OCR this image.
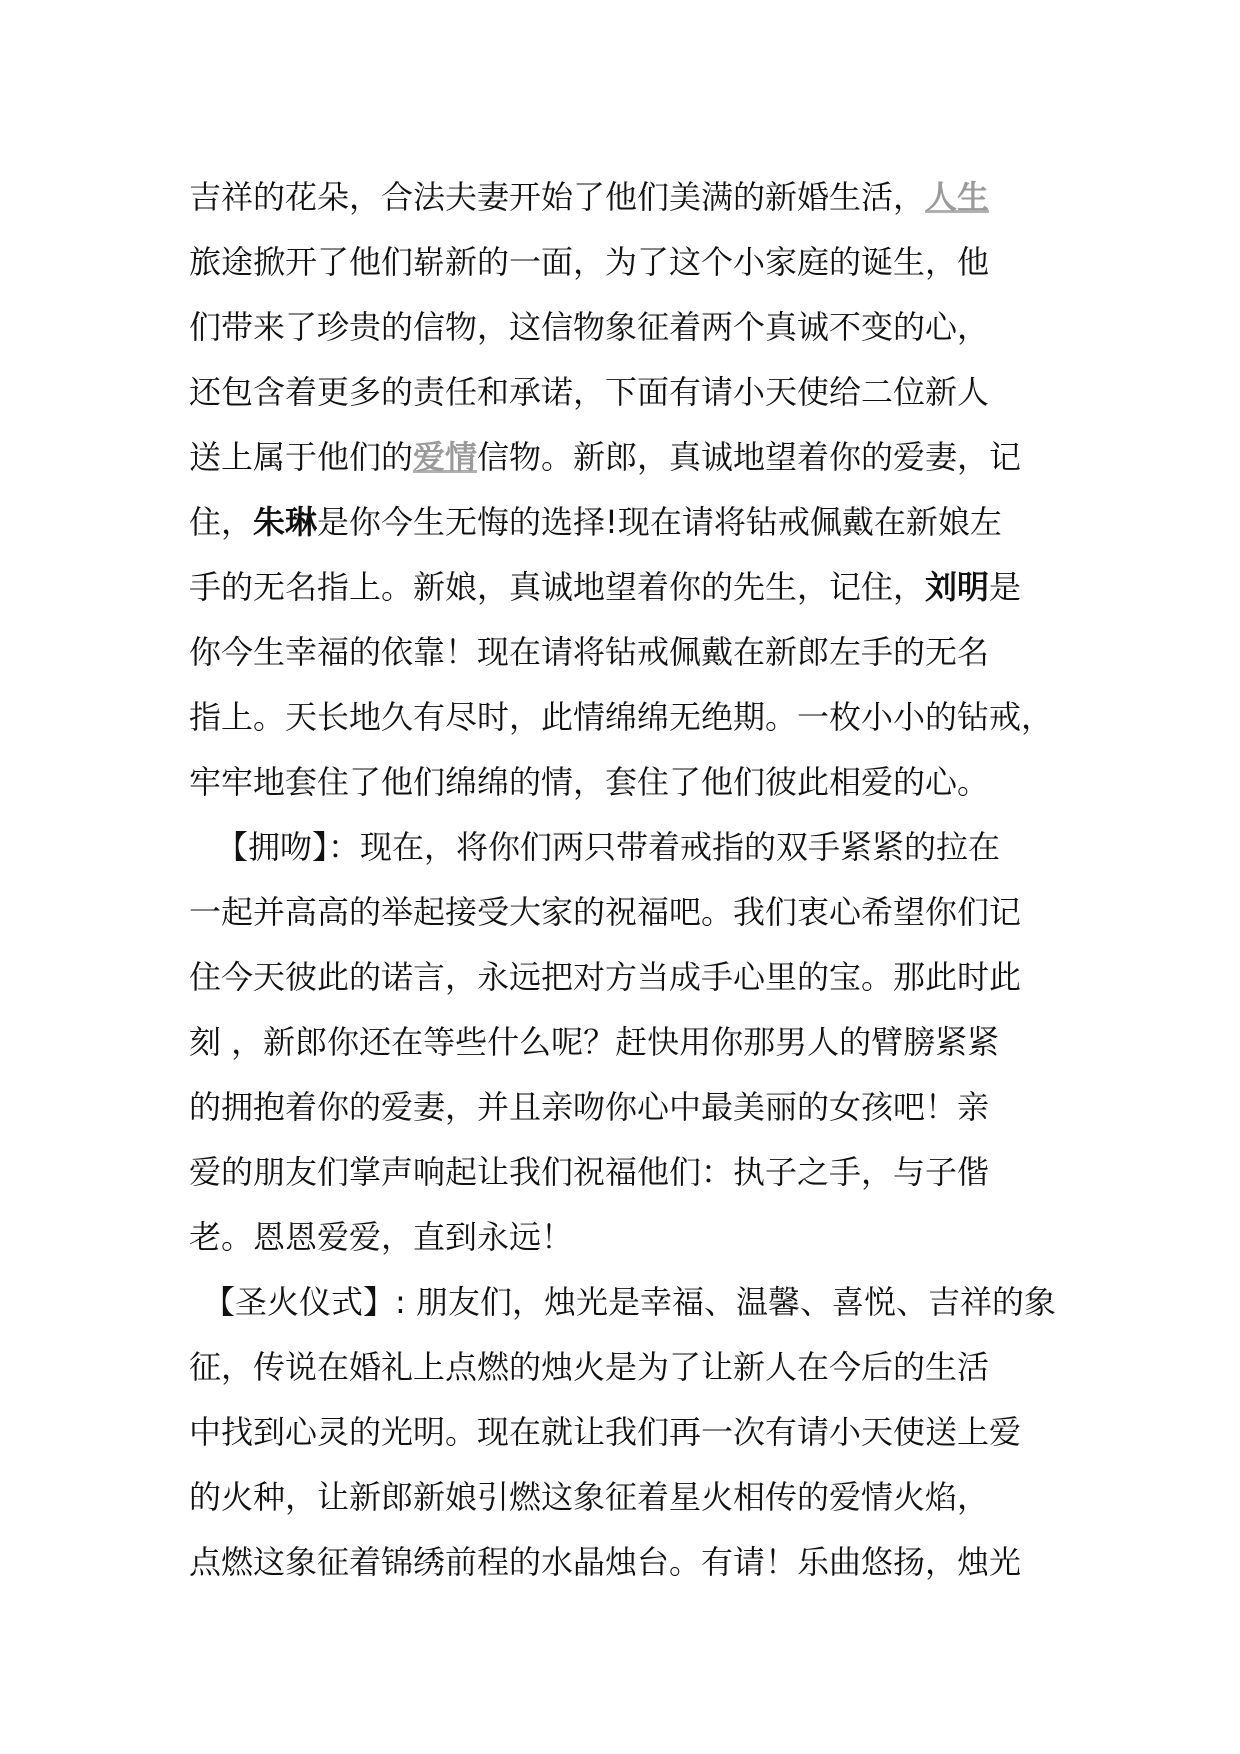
吉祥的花朵，合法夫妻开始了他们美满的新婚生活，人生
旅途掀开了他们崭新的一面，为了这个小家庭的诞生，他
们带来了珍贵的信物，这信物象征着两个真诚不变的心，
还包含着更多的责任和承诺，下面有请小天使给二位新人
送上属于他们的爱情信物。新郎，真诚地望着你的爱妻，记
住，朱琳是你今生无悔的选择!现在请将钻戒佩戴在新娘左
手的无名指上。新娘，真诚地望着你的先生，记住，刘明是
你今生幸福的依靠！现在请将钻戒佩戴在新郎左手的无名
指上。天长地久有尽时，此情绵绵无绝期。一枚小小的钻戒，
牢牢地套住了他们绵绵的情，套住了他们彼此相爱的心。
【拥吻】：现在，将你们两只带着戒指的双手紧紧的拉在
一起并高高的举起接受大家的祝福吧。我们衷心希望你们记
住今天彼此的诺言，永远把对方当成手心里的宝。那此时此
刻 ，新郎你还在等些什么呢？赶快用你那男人的臂膀紧紧
的拥抱着你的爱妻，并且亲吻你心中最美丽的女孩吧！亲
爱的朋友们掌声响起让我们祝福他们：执子之手，与子偕
老。恩恩爱爱，直到永远！
【圣火仪式】: 朋友们，烛光是幸福、温馨、喜悦、吉祥的象
征，传说在婚礼上点燃的烛火是为了让新人在今后的生活
中找到心灵的光明。现在就让我们再一次有请小天使送上爱
的火种，让新郎新娘引燃这象征着星火相传的爱情火焰，
点燃这象征着锦绣前程的水晶烛台。有请！乐曲悠扬，烛光
